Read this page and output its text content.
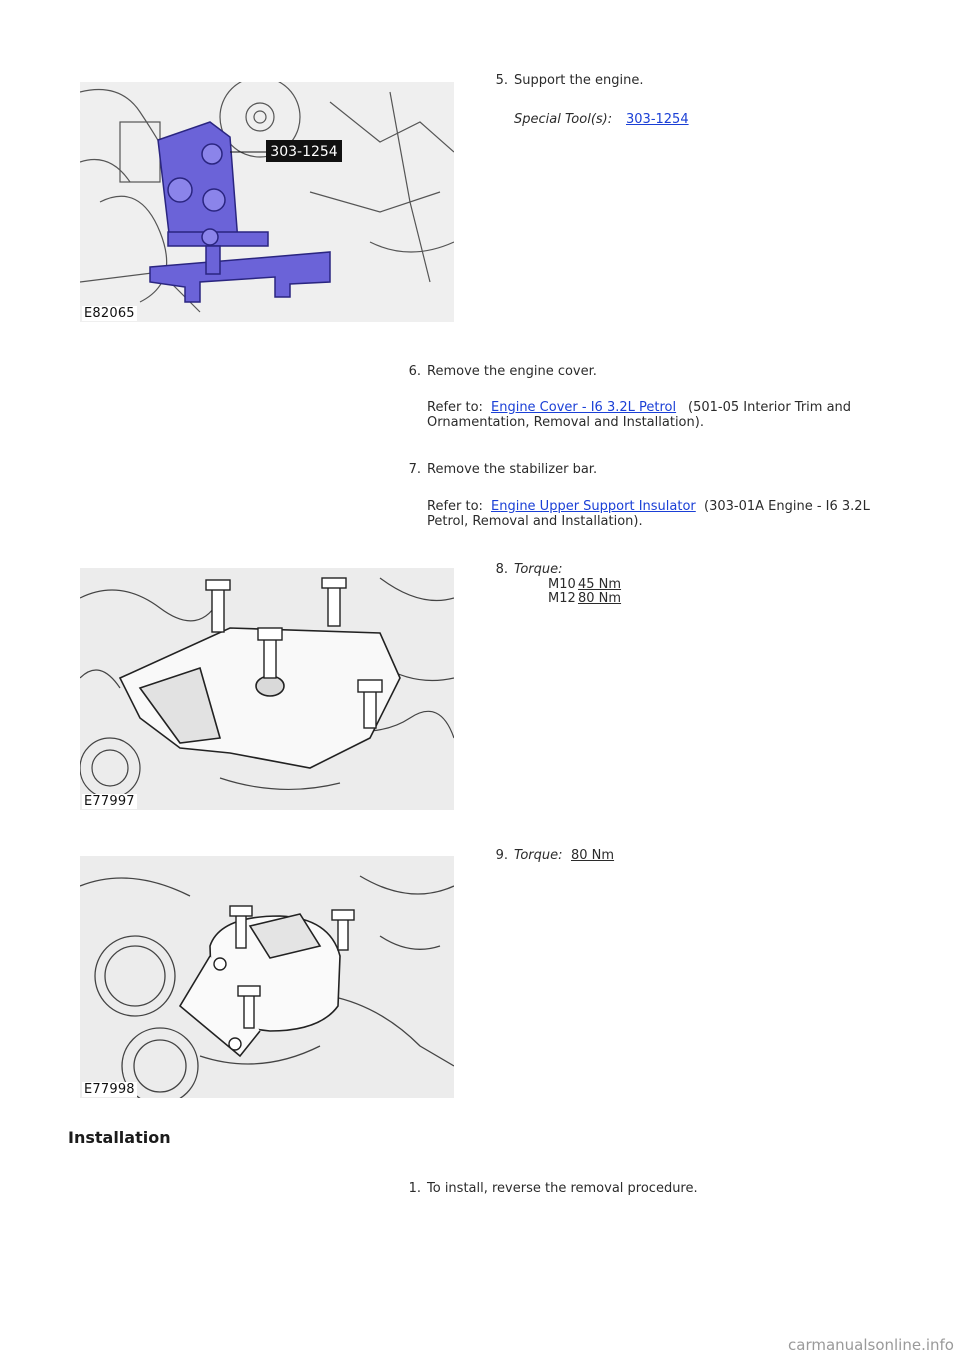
303-1254
E82065
5. Support the engine.
Special Tool(s): 303-1254
6. Remove the engine cover.
Refer to: Engine Cover - I6 3.2L Petrol (501-05 Interior Trim and
Ornamentation, Removal and Installation).
7. Remove the stabilizer bar.
Refer to: Engine Upper Support Insulator (303-01A Engine - I6 3.2L
Petrol, Removal and Installation).
E77997
8. Torque:
M10 45 Nm
M12 80 Nm
E77998
9. Torque: 80 Nm
Installation
1. To install, reverse the removal procedure.
carmanualsonline.info
